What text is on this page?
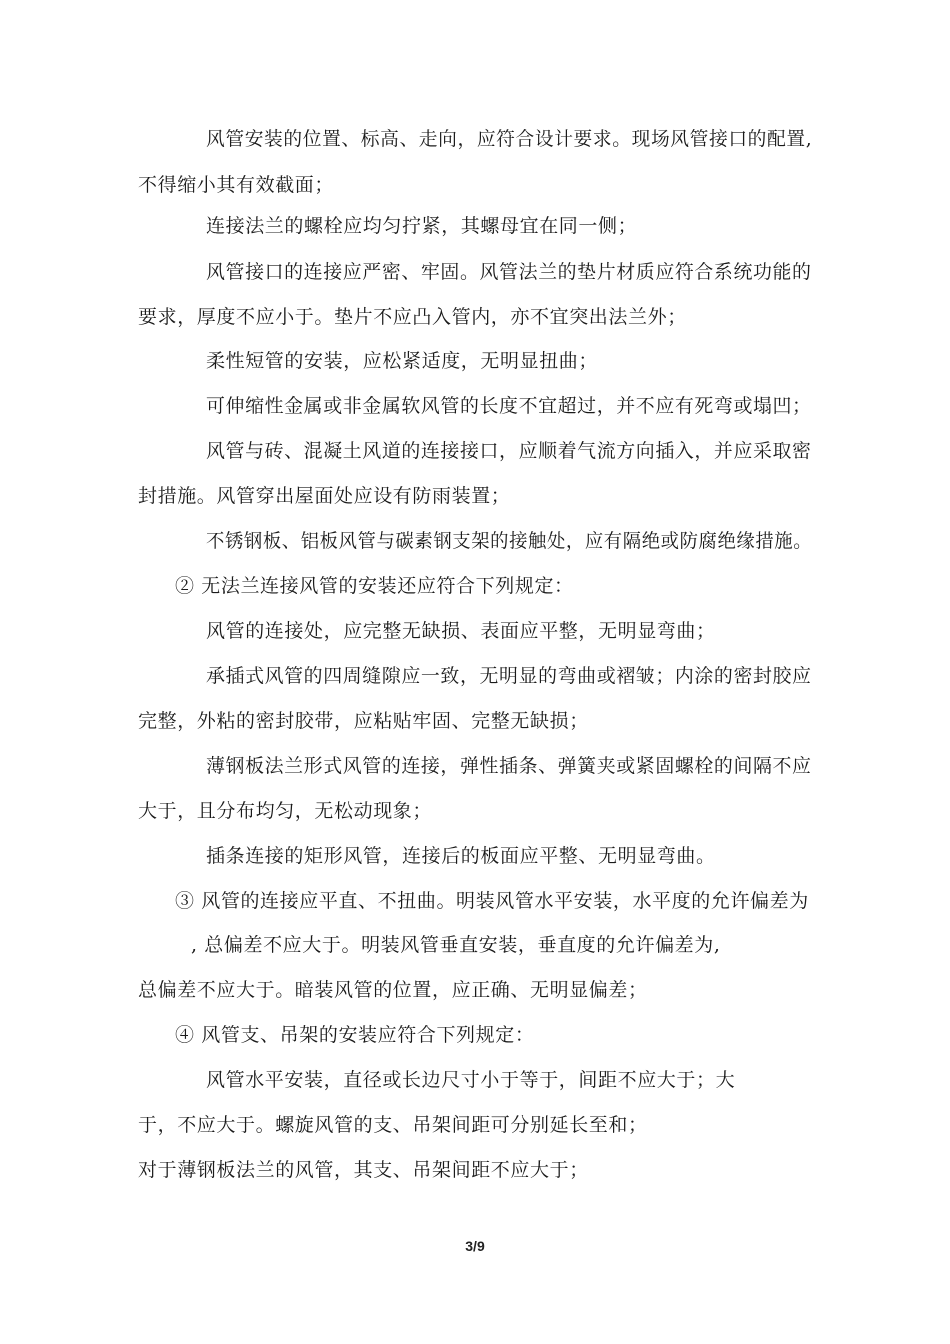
风管安装的位置、标高、走向，应符合设计要求。现场风管接口的配置,
不得缩小其有效截面；
连接法兰的螺栓应均匀拧紧，其螺母宜在同一侧；
风管接口的连接应严密、牢固。风管法兰的垫片材质应符合系统功能的
要求，厚度不应小于。垫片不应凸入管内，亦不宜突出法兰外；
柔性短管的安装，应松紧适度，无明显扭曲；
可伸缩性金属或非金属软风管的长度不宜超过，并不应有死弯或塌凹；
风管与砖、混凝土风道的连接接口，应顺着气流方向插入，并应采取密
封措施。风管穿出屋面处应设有防雨装置；
不锈钢板、铝板风管与碳素钢支架的接触处，应有隔绝或防腐绝缘措施。
② 无法兰连接风管的安装还应符合下列规定：
风管的连接处，应完整无缺损、表面应平整，无明显弯曲；
承插式风管的四周缝隙应一致，无明显的弯曲或褶皱；内涂的密封胶应
完整，外粘的密封胶带，应粘贴牢固、完整无缺损；
薄钢板法兰形式风管的连接，弹性插条、弹簧夹或紧固螺栓的间隔不应
大于，且分布均匀，无松动现象；
插条连接的矩形风管，连接后的板面应平整、无明显弯曲。
③ 风管的连接应平直、不扭曲。明装风管水平安装，水平度的允许偏差为
, 总偏差不应大于。明装风管垂直安装，垂直度的允许偏差为,
总偏差不应大于。暗装风管的位置，应正确、无明显偏差；
④ 风管支、吊架的安装应符合下列规定：
风管水平安装，直径或长边尺寸小于等于，间距不应大于；大
于，不应大于。螺旋风管的支、吊架间距可分别延长至和；
对于薄钢板法兰的风管，其支、吊架间距不应大于；
3/9
